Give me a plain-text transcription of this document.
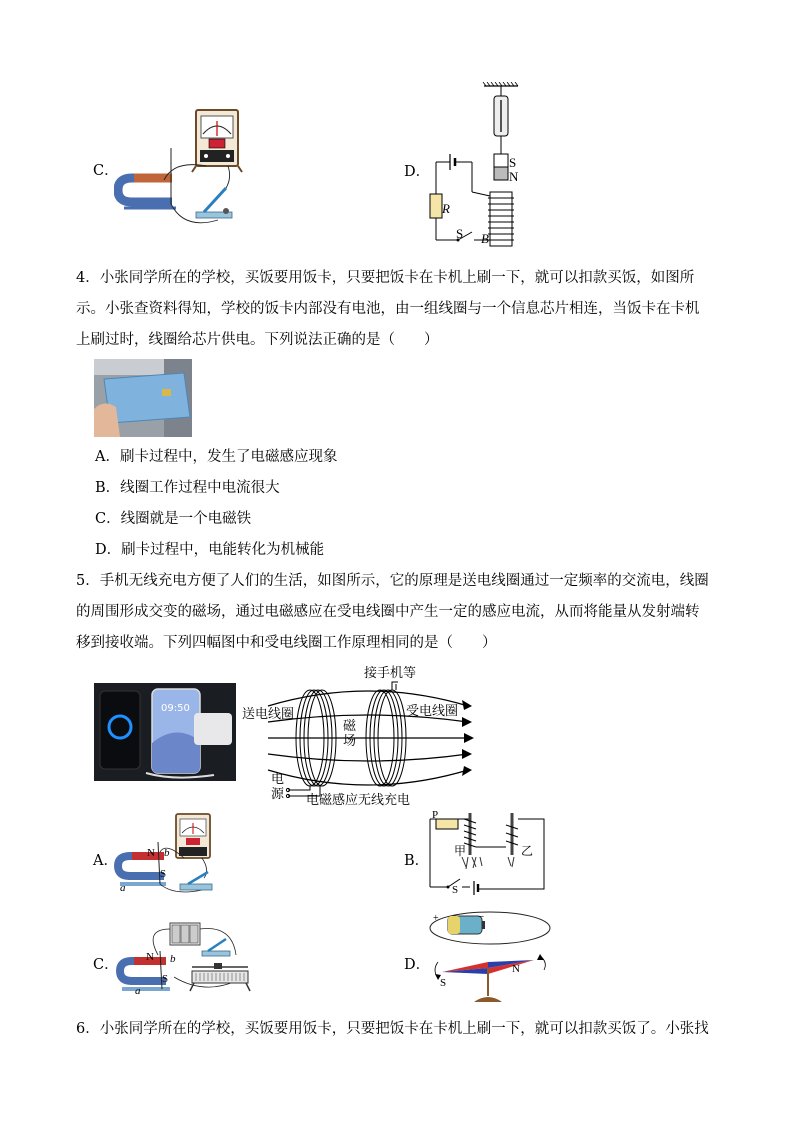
C．	D．
S
N
R
S B
4．小张同学所在的学校，买饭要用饭卡，只要把饭卡在卡机上刷一下，就可以扣款买饭，如图所
示。小张查资料得知，学校的饭卡内部没有电池，由一组线圈与一个信息芯片相连，当饭卡在卡机
上刷过时，线圈给芯片供电。下列说法正确的是（　　）
A．刷卡过程中，发生了电磁感应现象
B．线圈工作过程中电流很大
C．线圈就是一个电磁铁
D．刷卡过程中，电能转化为机械能
5．手机无线充电方便了人们的生活，如图所示，它的原理是送电线圈通过一定频率的交流电，线圈
的周围形成交变的磁场，通过电磁感应在受电线圈中产生一定的感应电流，从而将能量从发射端转
移到接收端。下列四幅图中和受电线圈工作原理相同的是（　　）
09:50
接手机等
送电线圈	受电线圈
磁
场
电
源 电磁感应无线充电
A．	N
S
a
b	B．
P
甲	乙
S
C． N
S
a
b	D．
+	−
S
N
6．小张同学所在的学校，买饭要用饭卡，只要把饭卡在卡机上刷一下，就可以扣款买饭了。小张找
